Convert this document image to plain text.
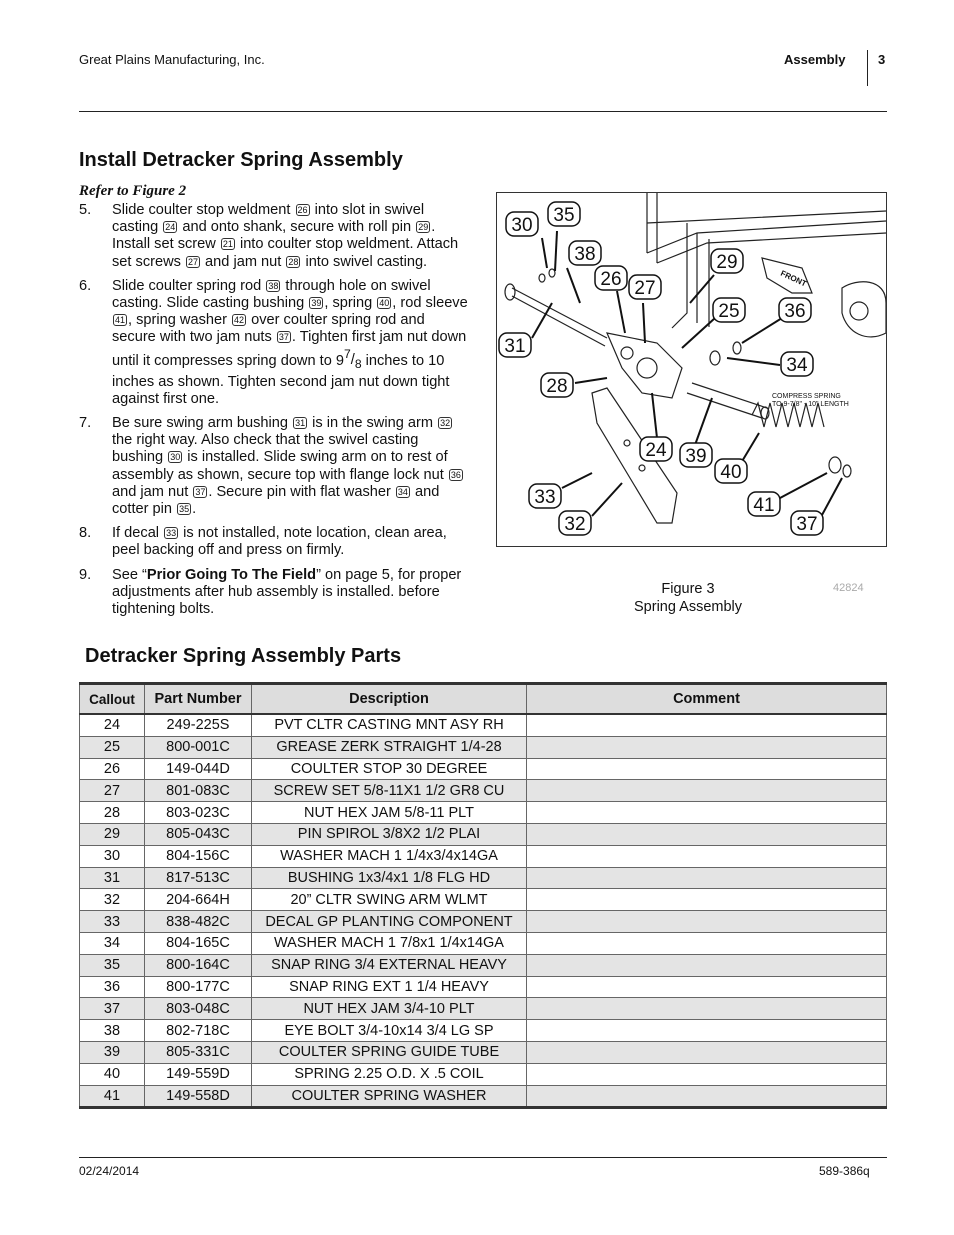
Great Plains Manufacturing, Inc.	Assembly	3
Install Detracker Spring Assembly
Refer to Figure 2
5.	Slide coulter stop weldment 26 into slot in swivel casting 24 and onto shank, secure with roll pin 29 . Install set screw 21 into coulter stop weldment. Attach set screws 27 and jam nut 28 into swivel casting.
6.	Slide coulter spring rod 38 through hole on swivel casting. Slide casting bushing 39 , spring 40 , rod sleeve 41 , spring washer 42 over coulter spring rod and secure with two jam nuts 37 . Tighten first jam nut down until it compresses spring down to $9^7/_8$ inches to 10 inches as shown. Tighten second jam nut down tight against first one.
7.	Be sure swing arm bushing 31 is in the swing arm 32 the right way. Also check that the swivel casting bushing 30 is installed. Slide swing arm on to rest of assembly as shown, secure top with flange lock nut 36 and jam nut 37 . Secure pin with flat washer 34 and cotter pin 35 .
8.	If decal 33 is not installed, note location, clean area, peel backing off and press on firmly.
9.	See “Prior Going To The Field” on page 5, for proper adjustments after hub assembly is installed. before tightening bolts.
COMPRESS SPRING
TO 9-7/8" - 10" LENGTH
FRONT
30 35
38	29
26 27
25 36
31
34
28
24 39
40
33	41
32	37
Figure 3
Spring Assembly
42824
Detracker Spring Assembly Parts
Callout	Part Number	Description	Comment
24	249-225S	PVT CLTR CASTING MNT ASY RH	
25	800-001C	GREASE ZERK STRAIGHT 1/4-28	
26	149-044D	COULTER STOP 30 DEGREE	
27	801-083C	SCREW SET 5/8-11X1 1/2 GR8 CU	
28	803-023C	NUT HEX JAM 5/8-11 PLT	
29	805-043C	PIN SPIROL 3/8X2 1/2 PLAI	
30	804-156C	WASHER MACH 1 1/4x3/4x14GA	
31	817-513C	BUSHING 1x3/4x1 1/8 FLG HD	
32	204-664H	20” CLTR SWING ARM WLMT	
33	838-482C	DECAL GP PLANTING COMPONENT	
34	804-165C	WASHER MACH 1 7/8x1 1/4x14GA	
35	800-164C	SNAP RING 3/4 EXTERNAL HEAVY	
36	800-177C	SNAP RING EXT 1 1/4 HEAVY	
37	803-048C	NUT HEX JAM 3/4-10 PLT	
38	802-718C	EYE BOLT 3/4-10x14 3/4 LG SP	
39	805-331C	COULTER SPRING GUIDE TUBE	
40	149-559D	SPRING 2.25 O.D. X .5 COIL	
41	149-558D	COULTER SPRING WASHER	
02/24/2014	589-386q
